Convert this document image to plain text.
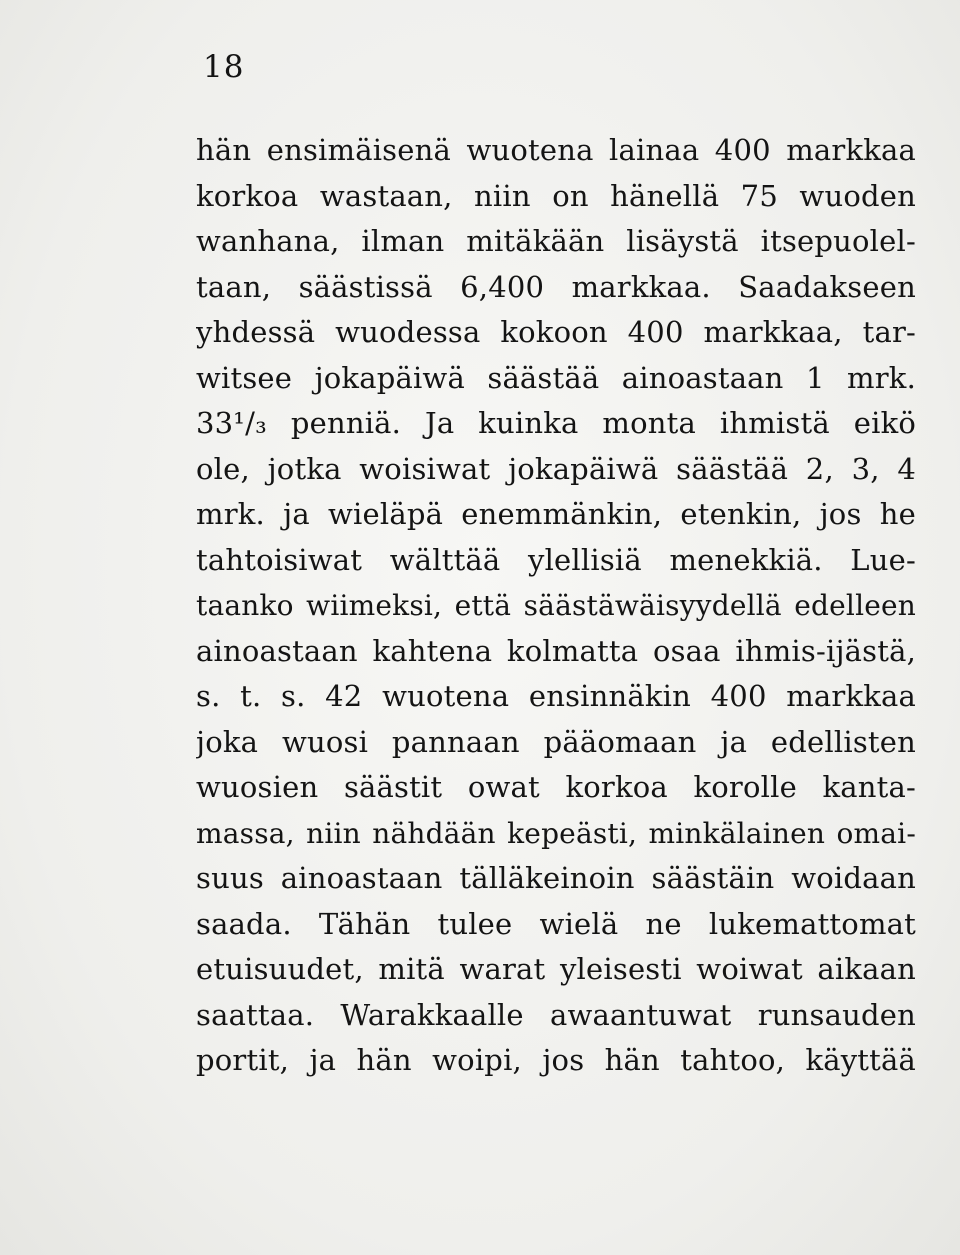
18
hän ensimäisenä wuotena lainaa 400 markkaa
korkoa wastaan, niin on hänellä 75 wuoden
wanhana, ilman mitäkään lisäystä itsepuolel-
taan, säästissä 6,400 markkaa. Saadakseen
yhdessä wuodessa kokoon 400 markkaa, tar-
witsee jokapäiwä säästää ainoastaan 1 mrk.
33¹/₃ penniä. Ja kuinka monta ihmistä eikö
ole, jotka woisiwat jokapäiwä säästää 2, 3, 4
mrk. ja wieläpä enemmänkin, etenkin, jos he
tahtoisiwat wälttää ylellisiä menekkiä. Lue-
taanko wiimeksi, että säästäwäisyydellä edelleen
ainoastaan kahtena kolmatta osaa ihmis-ijästä,
s. t. s. 42 wuotena ensinnäkin 400 markkaa
joka wuosi pannaan pääomaan ja edellisten
wuosien säästit owat korkoa korolle kanta-
massa, niin nähdään kepeästi, minkälainen omai-
suus ainoastaan tälläkeinoin säästäin woidaan
saada. Tähän tulee wielä ne lukemattomat
etuisuudet, mitä warat yleisesti woiwat aikaan
saattaa. Warakkaalle awaantuwat runsauden
portit, ja hän woipi, jos hän tahtoo, käyttää
